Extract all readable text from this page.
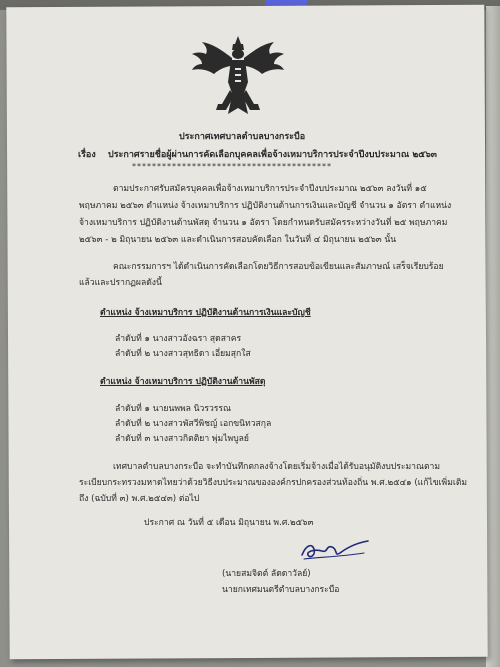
ประกาศเทศบาลตำบลบางกระบือ
เรื่อง ประกาศรายชื่อผู้ผ่านการคัดเลือกบุคคลเพื่อจ้างเหมาบริการประจำปีงบประมาณ ๒๕๖๓
****************************************
ตามประกาศรับสมัครบุคคลเพื่อจ้างเหมาบริการประจำปีงบประมาณ ๒๕๖๓ ลงวันที่ ๑๕
พฤษภาคม ๒๕๖๓ ตำแหน่ง จ้างเหมาบริการ ปฏิบัติงานด้านการเงินและบัญชี จำนวน ๑ อัตรา ตำแหน่ง
จ้างเหมาบริการ ปฏิบัติงานด้านพัสดุ จำนวน ๑ อัตรา โดยกำหนดรับสมัครระหว่างวันที่ ๒๕ พฤษภาคม
๒๕๖๓ - ๒ มิถุนายน ๒๕๖๓ และดำเนินการสอบคัดเลือก ในวันที่ ๔ มิถุนายน ๒๕๖๓ นั้น
คณะกรรมการฯ ได้ดำเนินการคัดเลือกโดยวิธีการสอบข้อเขียนและสัมภาษณ์ เสร็จเรียบร้อย
แล้วและปรากฏผลดังนี้
ตำแหน่ง จ้างเหมาบริการ ปฏิบัติงานด้านการเงินและบัญชี
ลำดับที่ ๑ นางสาวอังฉรา สุดสาคร
ลำดับที่ ๒ นางสาวสุทธิดา เอี่ยมสุกใส
ตำแหน่ง จ้างเหมาบริการ ปฏิบัติงานด้านพัสดุ
ลำดับที่ ๑ นายนพพล นิวรวรรณ
ลำดับที่ ๒ นางสาวพัสวีพิชญ์ เอกขนิทวสกุล
ลำดับที่ ๓ นางสาวกิตติยา พุ่มไพบูลย์
เทศบาลตำบลบางกระบือ จะทำบันทึกตกลงจ้างโดยเริ่มจ้างเมื่อได้รับอนุมัติงบประมาณตาม
ระเบียบกระทรวงมหาดไทยว่าด้วยวิธีงบประมาณขององค์กรปกครองส่วนท้องถิ่น พ.ศ.๒๕๔๑ (แก้ไขเพิ่มเติม
ถึง (ฉบับที่ ๓) พ.ศ.๒๕๔๓) ต่อไป
ประกาศ ณ วันที่ ๕ เดือน มิถุนายน พ.ศ.๒๕๖๓
(นายสมจิตต์ ลัดดาวัลย์)
นายกเทศมนตรีตำบลบางกระบือ
